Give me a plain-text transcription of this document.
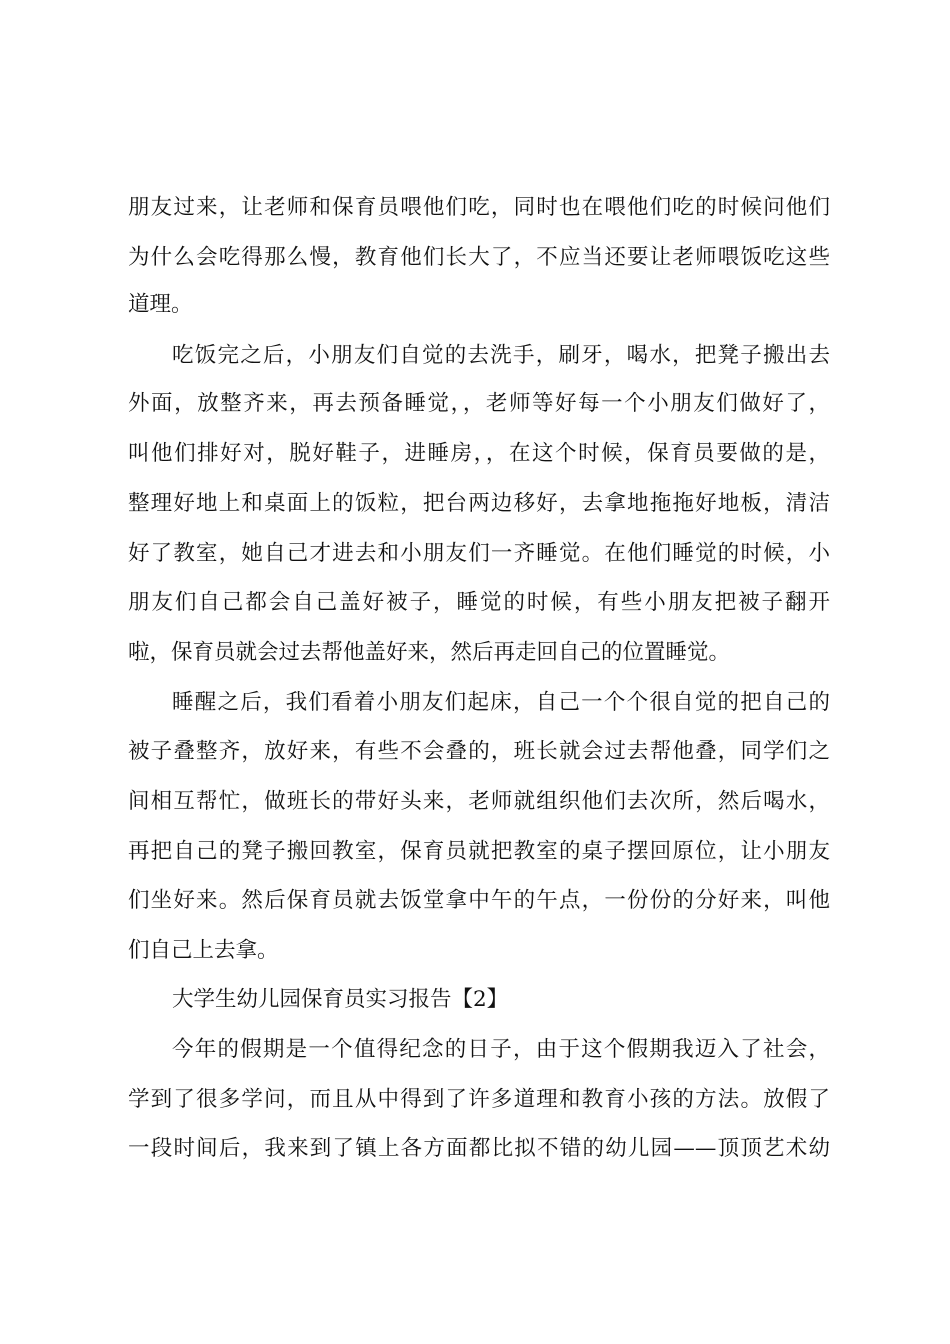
朋友过来，让老师和保育员喂他们吃，同时也在喂他们吃的时候问他们

为什么会吃得那么慢，教育他们长大了，不应当还要让老师喂饭吃这些

道理。

吃饭完之后，小朋友们自觉的去洗手，刷牙，喝水，把凳子搬出去

外面，放整齐来，再去预备睡觉，，老师等好每一个小朋友们做好了，

叫他们排好对，脱好鞋子，进睡房，，在这个时候，保育员要做的是，

整理好地上和桌面上的饭粒，把台两边移好，去拿地拖拖好地板，清洁

好了教室，她自己才进去和小朋友们一齐睡觉。在他们睡觉的时候，小

朋友们自己都会自己盖好被子，睡觉的时候，有些小朋友把被子翻开

啦，保育员就会过去帮他盖好来，然后再走回自己的位置睡觉。

睡醒之后，我们看着小朋友们起床，自己一个个很自觉的把自己的

被子叠整齐，放好来，有些不会叠的，班长就会过去帮他叠，同学们之

间相互帮忙，做班长的带好头来，老师就组织他们去次所，然后喝水，

再把自己的凳子搬回教室，保育员就把教室的桌子摆回原位，让小朋友

们坐好来。然后保育员就去饭堂拿中午的午点，一份份的分好来，叫他

们自己上去拿。

大学生幼儿园保育员实习报告【2】

今年的假期是一个值得纪念的日子，由于这个假期我迈入了社会，

学到了很多学问，而且从中得到了许多道理和教育小孩的方法。放假了

一段时间后，我来到了镇上各方面都比拟不错的幼儿园——顶顶艺术幼
